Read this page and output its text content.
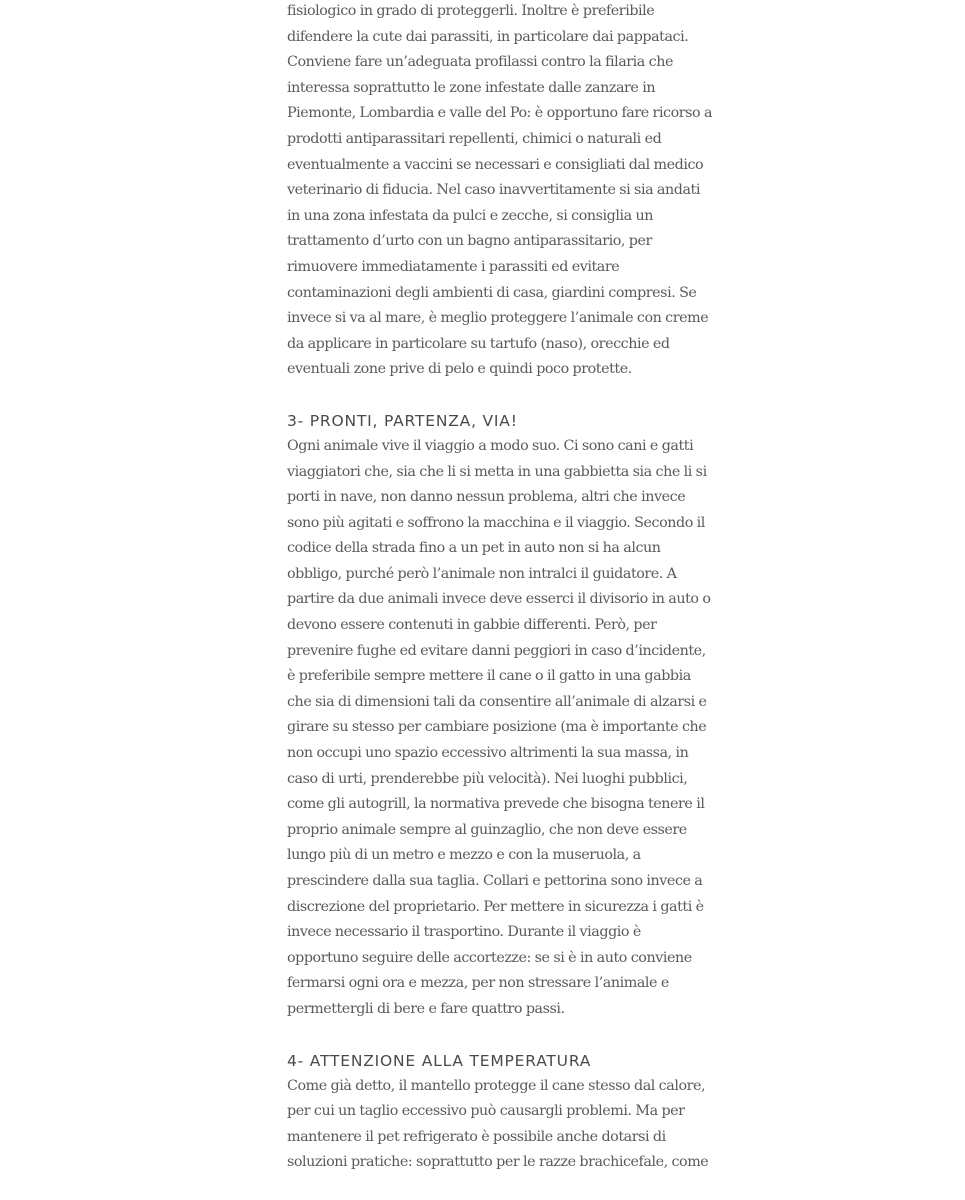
fisiologico in grado di proteggerli. Inoltre è preferibile
difendere la cute dai parassiti, in particolare dai pappataci.
Conviene fare un’adeguata profilassi contro la filaria che
interessa soprattutto le zone infestate dalle zanzare in
Piemonte, Lombardia e valle del Po: è opportuno fare ricorso a
prodotti antiparassitari repellenti, chimici o naturali ed
eventualmente a vaccini se necessari e consigliati dal medico
veterinario di fiducia. Nel caso inavvertitamente si sia andati
in una zona infestata da pulci e zecche, si consiglia un
trattamento d’urto con un bagno antiparassitario, per
rimuovere immediatamente i parassiti ed evitare
contaminazioni degli ambienti di casa, giardini compresi. Se
invece si va al mare, è meglio proteggere l’animale con creme
da applicare in particolare su tartufo (naso), orecchie ed
eventuali zone prive di pelo e quindi poco protette.

3- PRONTI, PARTENZA, VIA!

Ogni animale vive il viaggio a modo suo. Ci sono cani e gatti
viaggiatori che, sia che li si metta in una gabbietta sia che li si
porti in nave, non danno nessun problema, altri che invece
sono più agitati e soffrono la macchina e il viaggio. Secondo il
codice della strada fino a un pet in auto non si ha alcun
obbligo, purché però l’animale non intralci il guidatore. A
partire da due animali invece deve esserci il divisorio in auto o
devono essere contenuti in gabbie differenti. Però, per
prevenire fughe ed evitare danni peggiori in caso d’incidente,
è preferibile sempre mettere il cane o il gatto in una gabbia
che sia di dimensioni tali da consentire all’animale di alzarsi e
girare su stesso per cambiare posizione (ma è importante che
non occupi uno spazio eccessivo altrimenti la sua massa, in
caso di urti, prenderebbe più velocità). Nei luoghi pubblici,
come gli autogrill, la normativa prevede che bisogna tenere il
proprio animale sempre al guinzaglio, che non deve essere
lungo più di un metro e mezzo e con la museruola, a
prescindere dalla sua taglia. Collari e pettorina sono invece a
discrezione del proprietario. Per mettere in sicurezza i gatti è
invece necessario il trasportino. Durante il viaggio è
opportuno seguire delle accortezze: se si è in auto conviene
fermarsi ogni ora e mezza, per non stressare l’animale e
permettergli di bere e fare quattro passi.

4- ATTENZIONE ALLA TEMPERATURA

Come già detto, il mantello protegge il cane stesso dal calore,
per cui un taglio eccessivo può causargli problemi. Ma per
mantenere il pet refrigerato è possibile anche dotarsi di
soluzioni pratiche: soprattutto per le razze brachicefale, come
